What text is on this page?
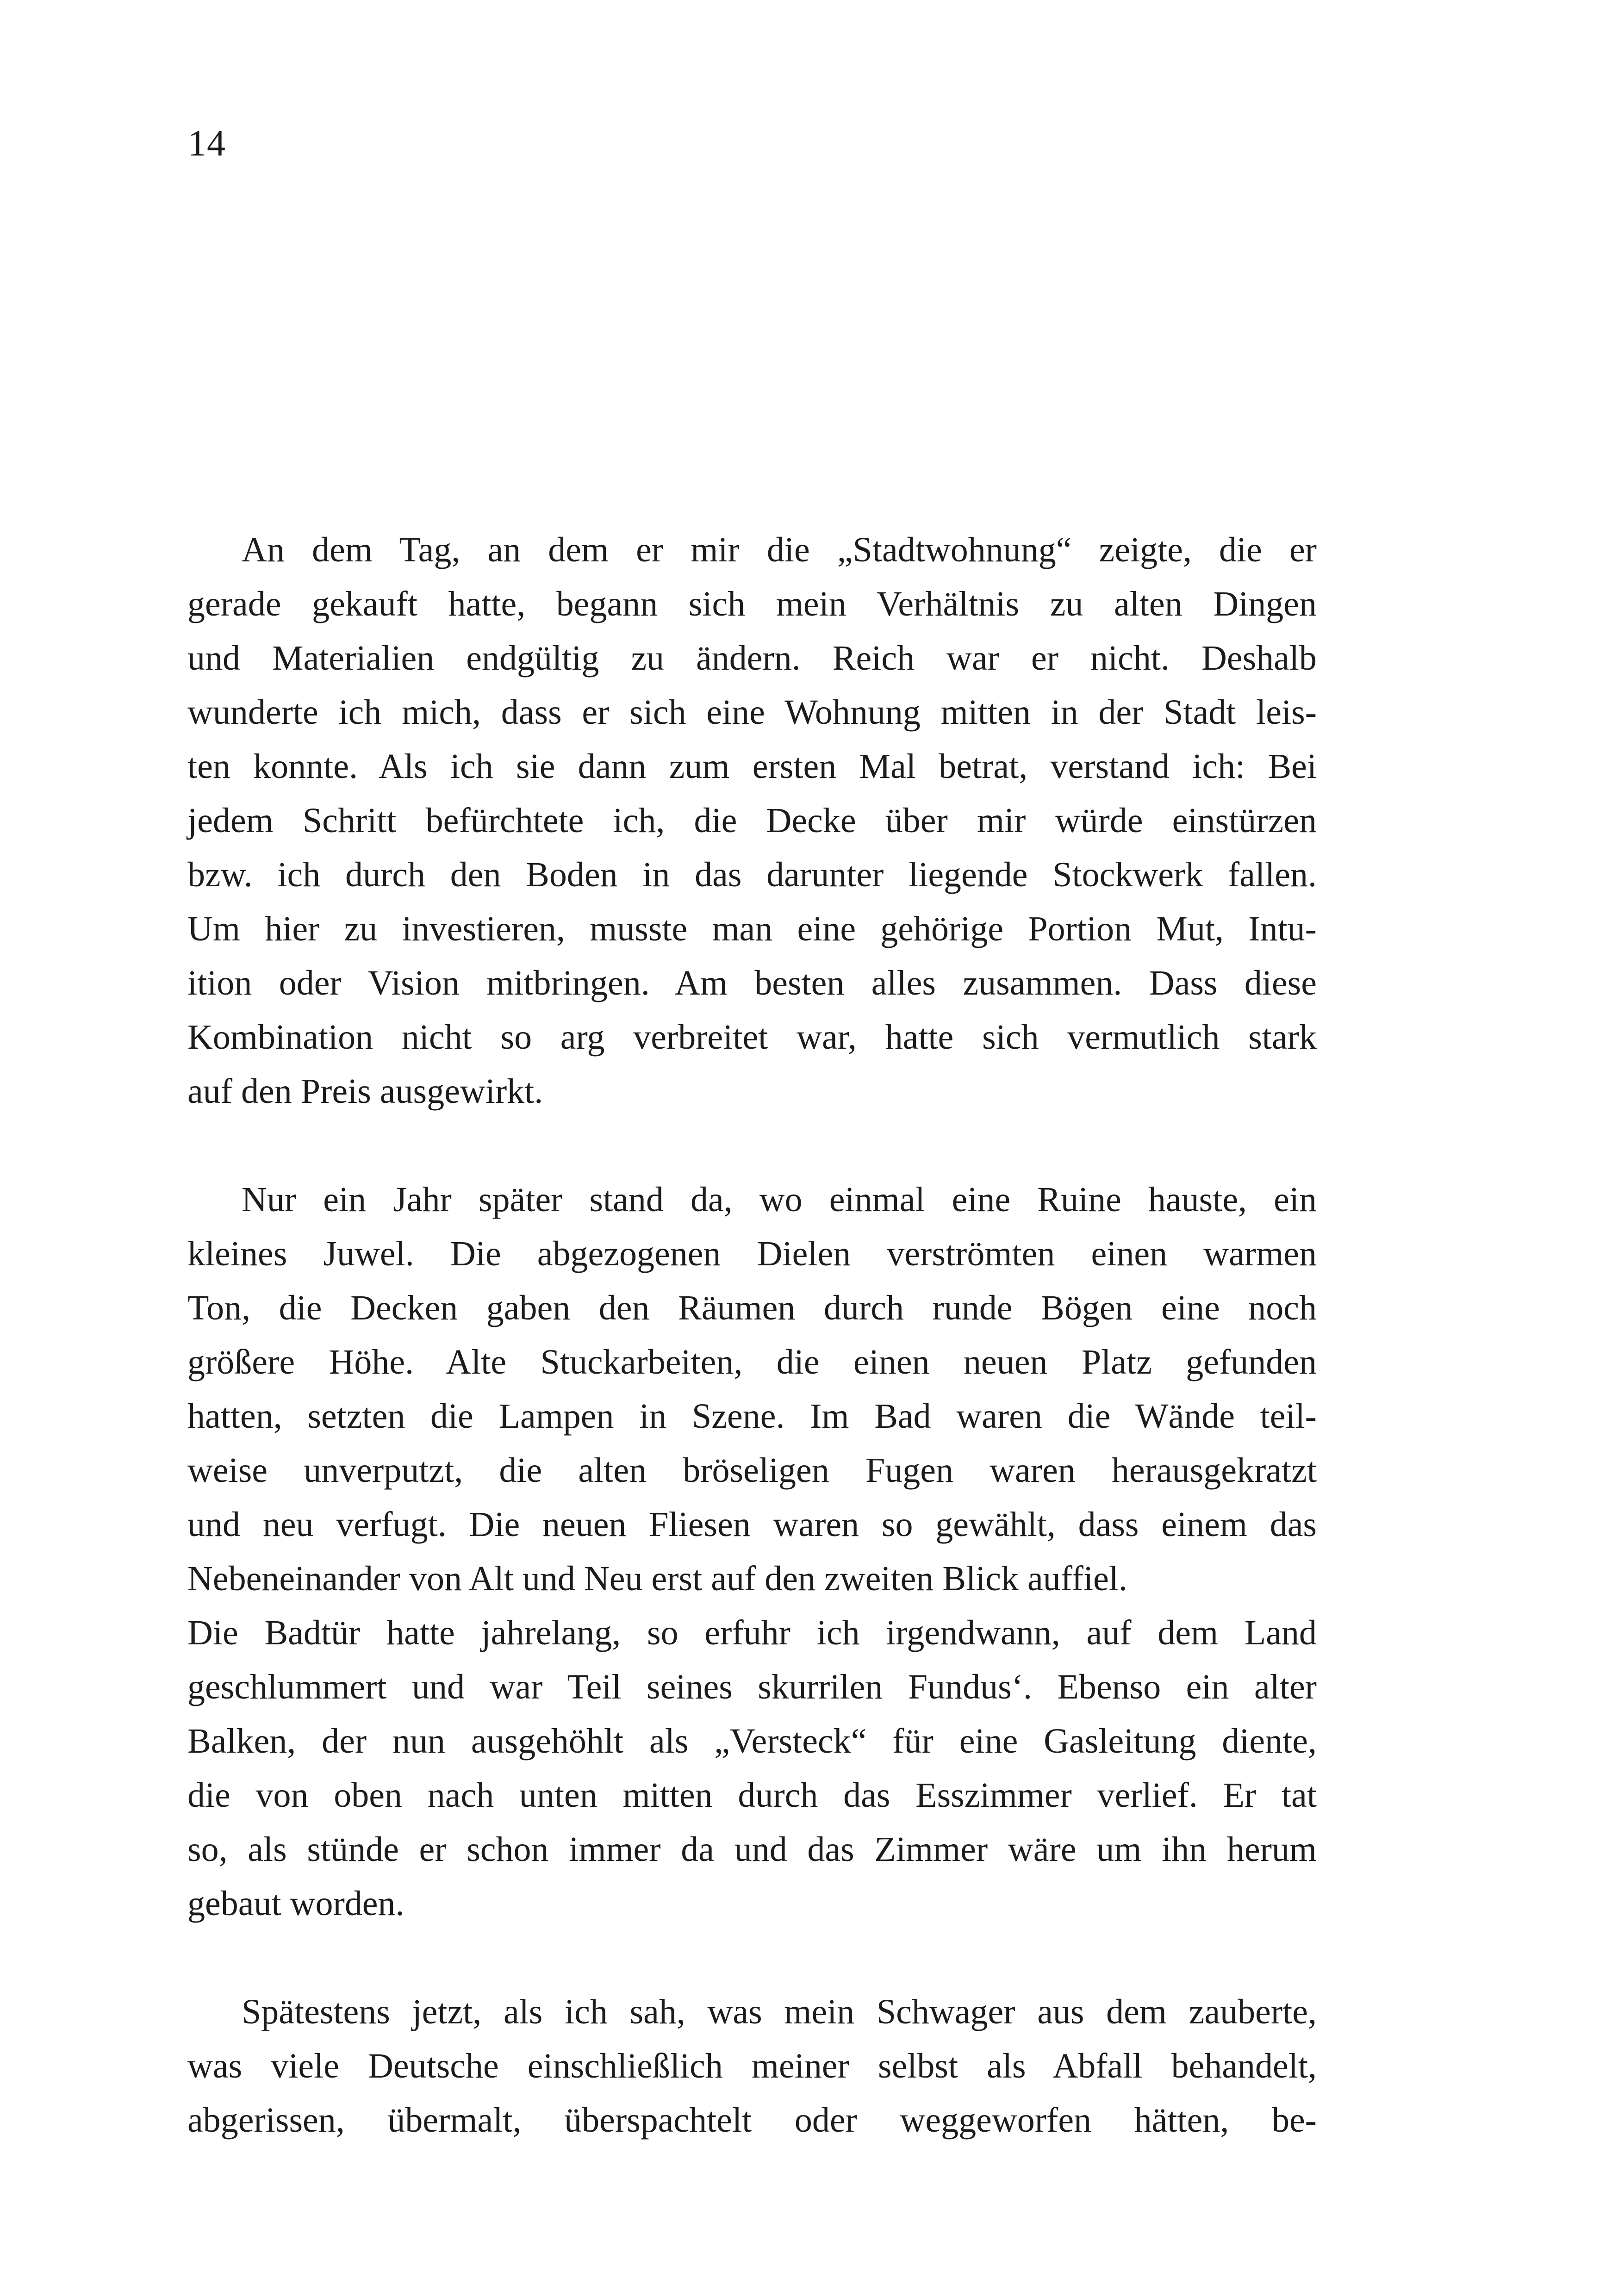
14

An dem Tag, an dem er mir die „Stadtwohnung“ zeigte, die er
gerade gekauft hatte, begann sich mein Verhältnis zu alten Dingen
und Materialien endgültig zu ändern. Reich war er nicht. Deshalb
wunderte ich mich, dass er sich eine Wohnung mitten in der Stadt leis-
ten konnte. Als ich sie dann zum ersten Mal betrat, verstand ich: Bei
jedem Schritt befürchtete ich, die Decke über mir würde einstürzen
bzw. ich durch den Boden in das darunter liegende Stockwerk fallen.
Um hier zu investieren, musste man eine gehörige Portion Mut, Intu-
ition oder Vision mitbringen. Am besten alles zusammen. Dass diese
Kombination nicht so arg verbreitet war, hatte sich vermutlich stark
auf den Preis ausgewirkt.

Nur ein Jahr später stand da, wo einmal eine Ruine hauste, ein
kleines Juwel. Die abgezogenen Dielen verströmten einen warmen
Ton, die Decken gaben den Räumen durch runde Bögen eine noch
größere Höhe. Alte Stuckarbeiten, die einen neuen Platz gefunden
hatten, setzten die Lampen in Szene. Im Bad waren die Wände teil-
weise unverputzt, die alten bröseligen Fugen waren herausgekratzt
und neu verfugt. Die neuen Fliesen waren so gewählt, dass einem das
Nebeneinander von Alt und Neu erst auf den zweiten Blick auffiel.
Die Badtür hatte jahrelang, so erfuhr ich irgendwann, auf dem Land
geschlummert und war Teil seines skurrilen Fundus‘. Ebenso ein alter
Balken, der nun ausgehöhlt als „Versteck“ für eine Gasleitung diente,
die von oben nach unten mitten durch das Esszimmer verlief. Er tat
so, als stünde er schon immer da und das Zimmer wäre um ihn herum
gebaut worden.

Spätestens jetzt, als ich sah, was mein Schwager aus dem zauberte,
was viele Deutsche einschließlich meiner selbst als Abfall behandelt,
abgerissen, übermalt, überspachtelt oder weggeworfen hätten, be-
